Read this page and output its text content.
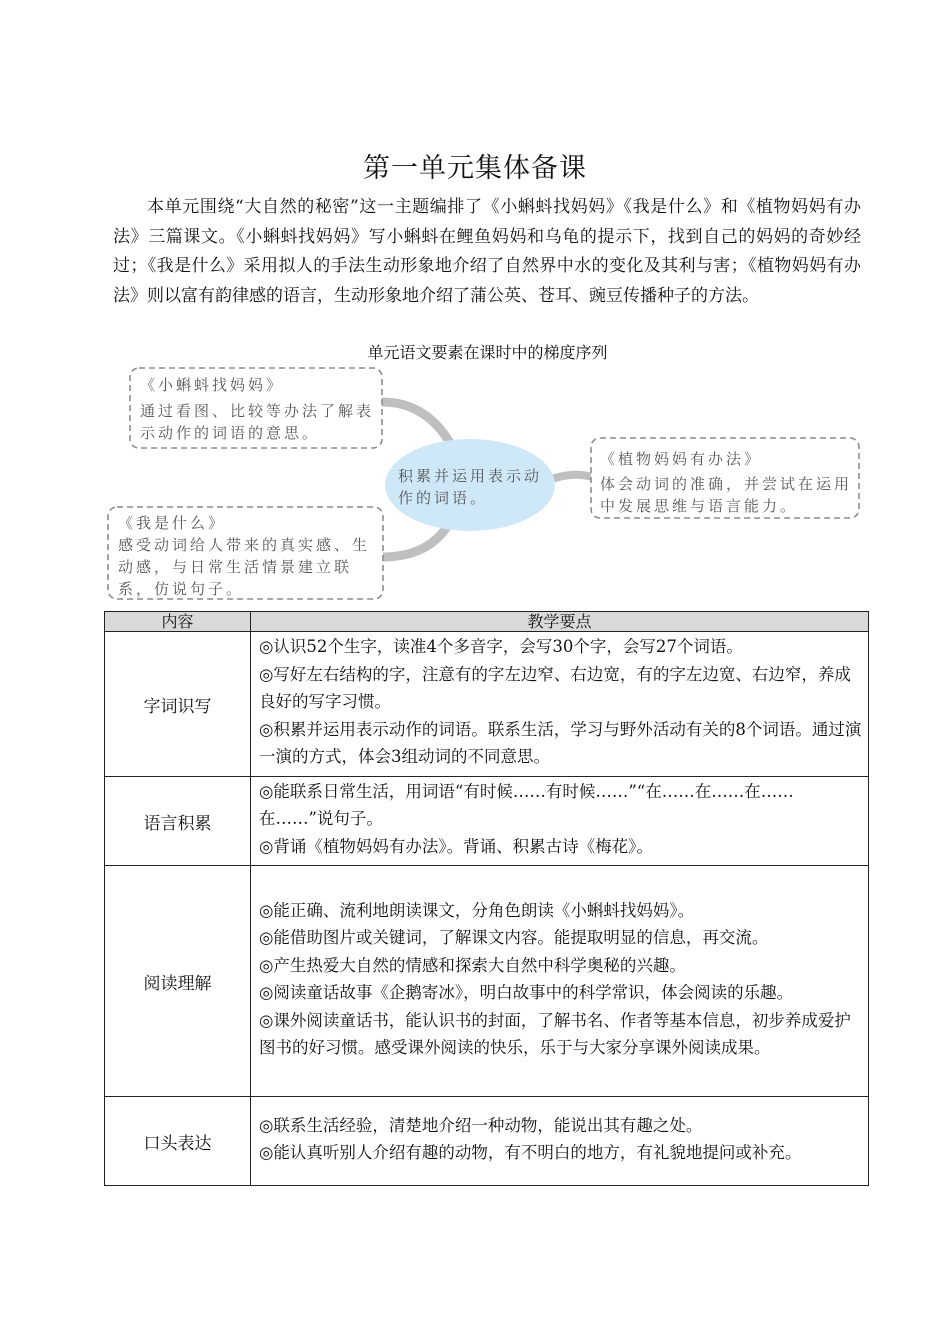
第一单元集体备课

本单元围绕“大自然的秘密”这一主题编排了《小蝌蚪找妈妈》《我是什么》和《植物妈妈有办法》三篇课文。《小蝌蚪找妈妈》写小蝌蚪在鲤鱼妈妈和乌龟的提示下，找到自己的妈妈的奇妙经过；《我是什么》采用拟人的手法生动形象地介绍了自然界中水的变化及其利与害；《植物妈妈有办法》则以富有韵律感的语言，生动形象地介绍了蒲公英、苍耳、豌豆传播种子的方法。

单元语文要素在课时中的梯度序列
积累并运用表示动作的词语。
《小蝌蚪找妈妈》
通过看图、比较等办法了解表示动作的词语的意思。
《我是什么》
感受动词给人带来的真实感、生动感，与日常生活情景建立联系，仿说句子。
《植物妈妈有办法》
体会动词的准确，并尝试在运用中发展思维与语言能力。
内容	教学要点
字词识写	◎认识52个生字，读准4个多音字，会写30个字，会写27个词语。

◎写好左右结构的字，注意有的字左边窄、右边宽，有的字左边宽、右边窄，养成良好的写字习惯。

◎积累并运用表示动作的词语。联系生活，学习与野外活动有关的8个词语。通过演一演的方式，体会3组动词的不同意思。

语言积累	◎能联系日常生活，用词语“有时候……有时候……”“在……在……在……在……”说句子。

◎背诵《植物妈妈有办法》。背诵、积累古诗《梅花》。

阅读理解	◎能正确、流利地朗读课文，分角色朗读《小蝌蚪找妈妈》。

◎能借助图片或关键词，了解课文内容。能提取明显的信息，再交流。

◎产生热爱大自然的情感和探索大自然中科学奥秘的兴趣。

◎阅读童话故事《企鹅寄冰》，明白故事中的科学常识，体会阅读的乐趣。

◎课外阅读童话书，能认识书的封面，了解书名、作者等基本信息，初步养成爱护图书的好习惯。感受课外阅读的快乐，乐于与大家分享课外阅读成果。

口头表达	◎联系生活经验，清楚地介绍一种动物，能说出其有趣之处。

◎能认真听别人介绍有趣的动物，有不明白的地方，有礼貌地提问或补充。
